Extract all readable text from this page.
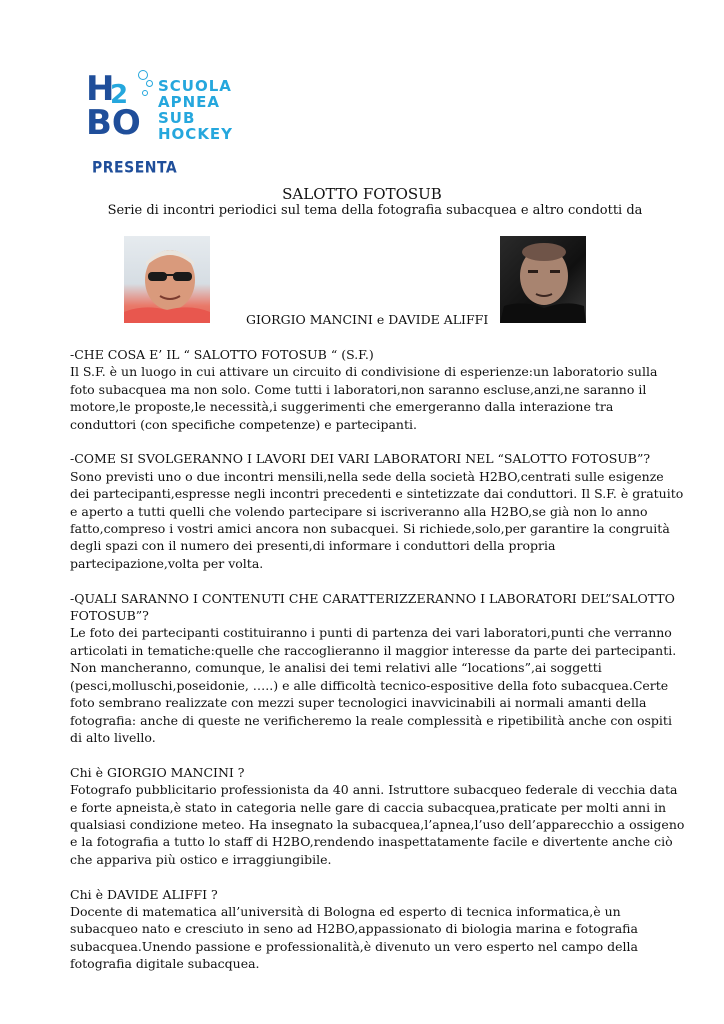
H
2
BO
SCUOLA
APNEA
SUB
HOCKEY
PRESENTA
SALOTTO FOTOSUB
Serie di incontri periodici sul tema della fotografia subacquea e altro condotti da
GIORGIO MANCINI e DAVIDE ALIFFI

-CHE COSA E’ IL “ SALOTTO FOTOSUB “ (S.F.)
Il S.F. è un luogo in cui attivare un circuito di condivisione di esperienze:un laboratorio sulla
foto subacquea ma non solo. Come tutti i laboratori,non saranno escluse,anzi,ne saranno il
motore,le proposte,le necessità,i suggerimenti che emergeranno dalla interazione tra
conduttori (con specifiche competenze) e partecipanti.

-COME SI SVOLGERANNO I LAVORI DEI VARI LABORATORI NEL “SALOTTO FOTOSUB”?
Sono previsti uno o due incontri mensili,nella sede della società H2BO,centrati sulle esigenze
dei partecipanti,espresse negli incontri precedenti e sintetizzate dai conduttori. Il S.F. è gratuito
e aperto a tutti quelli che volendo partecipare si iscriveranno alla H2BO,se già non lo anno
fatto,compreso i vostri amici ancora non subacquei. Si richiede,solo,per garantire la congruità
degli spazi con il numero dei presenti,di informare i conduttori della propria
partecipazione,volta per volta.

-QUALI SARANNO I CONTENUTI CHE CARATTERIZZERANNO I LABORATORI DEL”SALOTTO
FOTOSUB”?
Le foto dei partecipanti costituiranno i punti di partenza dei vari laboratori,punti che verranno
articolati in tematiche:quelle che raccoglieranno il maggior interesse da parte dei partecipanti.
Non mancheranno, comunque, le analisi dei temi relativi alle “locations”,ai soggetti
(pesci,molluschi,poseidonie, …..) e alle difficoltà tecnico-espositive della foto subacquea.Certe
foto sembrano realizzate con mezzi super tecnologici inavvicinabili ai normali amanti della
fotografia: anche di queste ne verificheremo la reale complessità e ripetibilità anche con ospiti
di alto livello.

Chi è GIORGIO MANCINI ?
Fotografo pubblicitario professionista da 40 anni. Istruttore subacqueo federale di vecchia data
e forte apneista,è stato in categoria nelle gare di caccia subacquea,praticate per molti anni in
qualsiasi condizione meteo. Ha insegnato la subacquea,l’apnea,l’uso dell’apparecchio a ossigeno
e la fotografia a tutto lo staff di H2BO,rendendo inaspettatamente facile e divertente anche ciò
che appariva più ostico e irraggiungibile.

Chi è DAVIDE ALIFFI ?
Docente di matematica all’università di Bologna ed esperto di tecnica informatica,è un
subacqueo nato e cresciuto in seno ad H2BO,appassionato di biologia marina e fotografia
subacquea.Unendo passione e professionalità,è divenuto un vero esperto nel campo della
fotografia digitale subacquea.
